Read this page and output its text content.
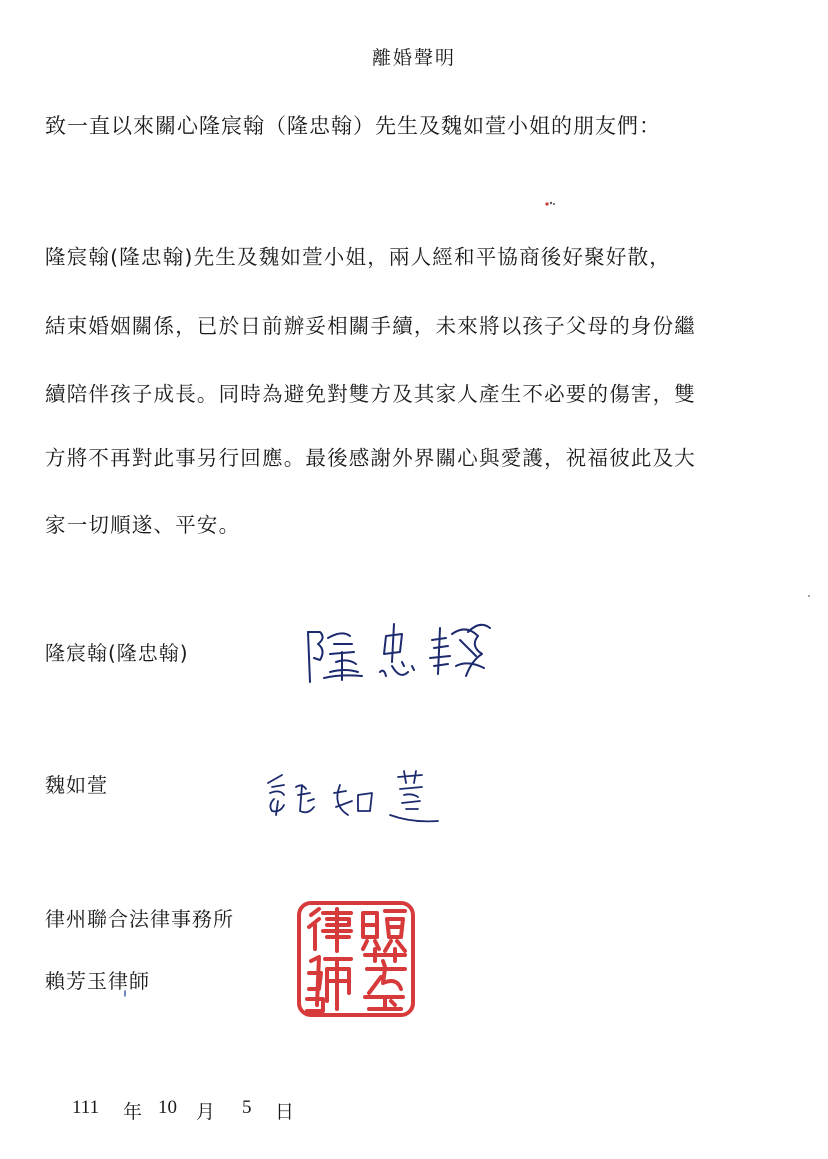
離婚聲明
致一直以來關心隆宸翰（隆忠翰）先生及魏如萱小姐的朋友們：
隆宸翰(隆忠翰)先生及魏如萱小姐，兩人經和平協商後好聚好散，
結束婚姻關係，已於日前辦妥相關手續，未來將以孩子父母的身份繼
續陪伴孩子成長。同時為避免對雙方及其家人產生不必要的傷害，雙
方將不再對此事另行回應。最後感謝外界關心與愛護，祝福彼此及大
家一切順遂、平安。
隆宸翰(隆忠翰)
魏如萱
律州聯合法律事務所
賴芳玉律師
111 年 10 月 5 日
